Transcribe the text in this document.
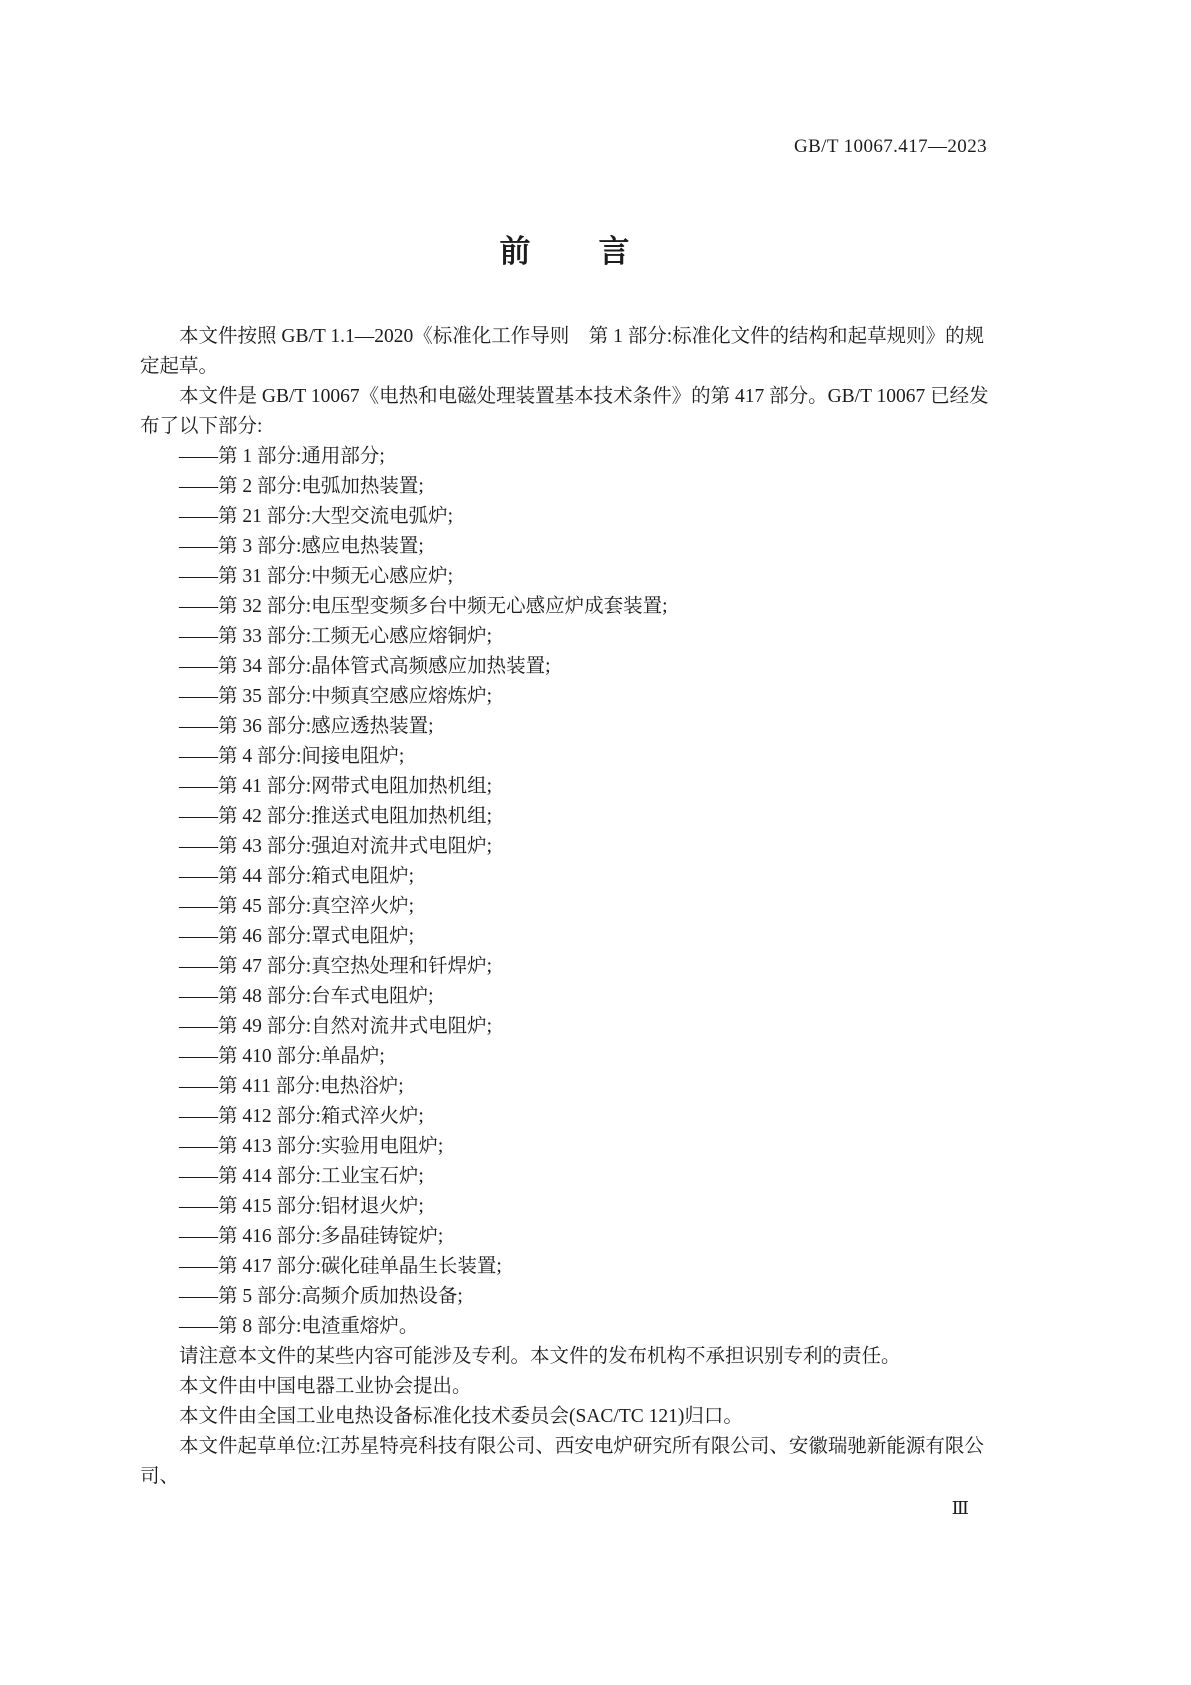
GB/T 10067.417—2023
前　　言

本文件按照 GB/T 1.1—2020《标准化工作导则　第 1 部分:标准化文件的结构和起草规则》的规定起草。

本文件是 GB/T 10067《电热和电磁处理装置基本技术条件》的第 417 部分。GB/T 10067 已经发布了以下部分:

——第 1 部分:通用部分;
——第 2 部分:电弧加热装置;
——第 21 部分:大型交流电弧炉;
——第 3 部分:感应电热装置;
——第 31 部分:中频无心感应炉;
——第 32 部分:电压型变频多台中频无心感应炉成套装置;
——第 33 部分:工频无心感应熔铜炉;
——第 34 部分:晶体管式高频感应加热装置;
——第 35 部分:中频真空感应熔炼炉;
——第 36 部分:感应透热装置;
——第 4 部分:间接电阻炉;
——第 41 部分:网带式电阻加热机组;
——第 42 部分:推送式电阻加热机组;
——第 43 部分:强迫对流井式电阻炉;
——第 44 部分:箱式电阻炉;
——第 45 部分:真空淬火炉;
——第 46 部分:罩式电阻炉;
——第 47 部分:真空热处理和钎焊炉;
——第 48 部分:台车式电阻炉;
——第 49 部分:自然对流井式电阻炉;
——第 410 部分:单晶炉;
——第 411 部分:电热浴炉;
——第 412 部分:箱式淬火炉;
——第 413 部分:实验用电阻炉;
——第 414 部分:工业宝石炉;
——第 415 部分:铝材退火炉;
——第 416 部分:多晶硅铸锭炉;
——第 417 部分:碳化硅单晶生长装置;
——第 5 部分:高频介质加热设备;
——第 8 部分:电渣重熔炉。

请注意本文件的某些内容可能涉及专利。本文件的发布机构不承担识别专利的责任。

本文件由中国电器工业协会提出。

本文件由全国工业电热设备标准化技术委员会(SAC/TC 121)归口。

本文件起草单位:江苏星特亮科技有限公司、西安电炉研究所有限公司、安徽瑞驰新能源有限公司、

Ⅲ
